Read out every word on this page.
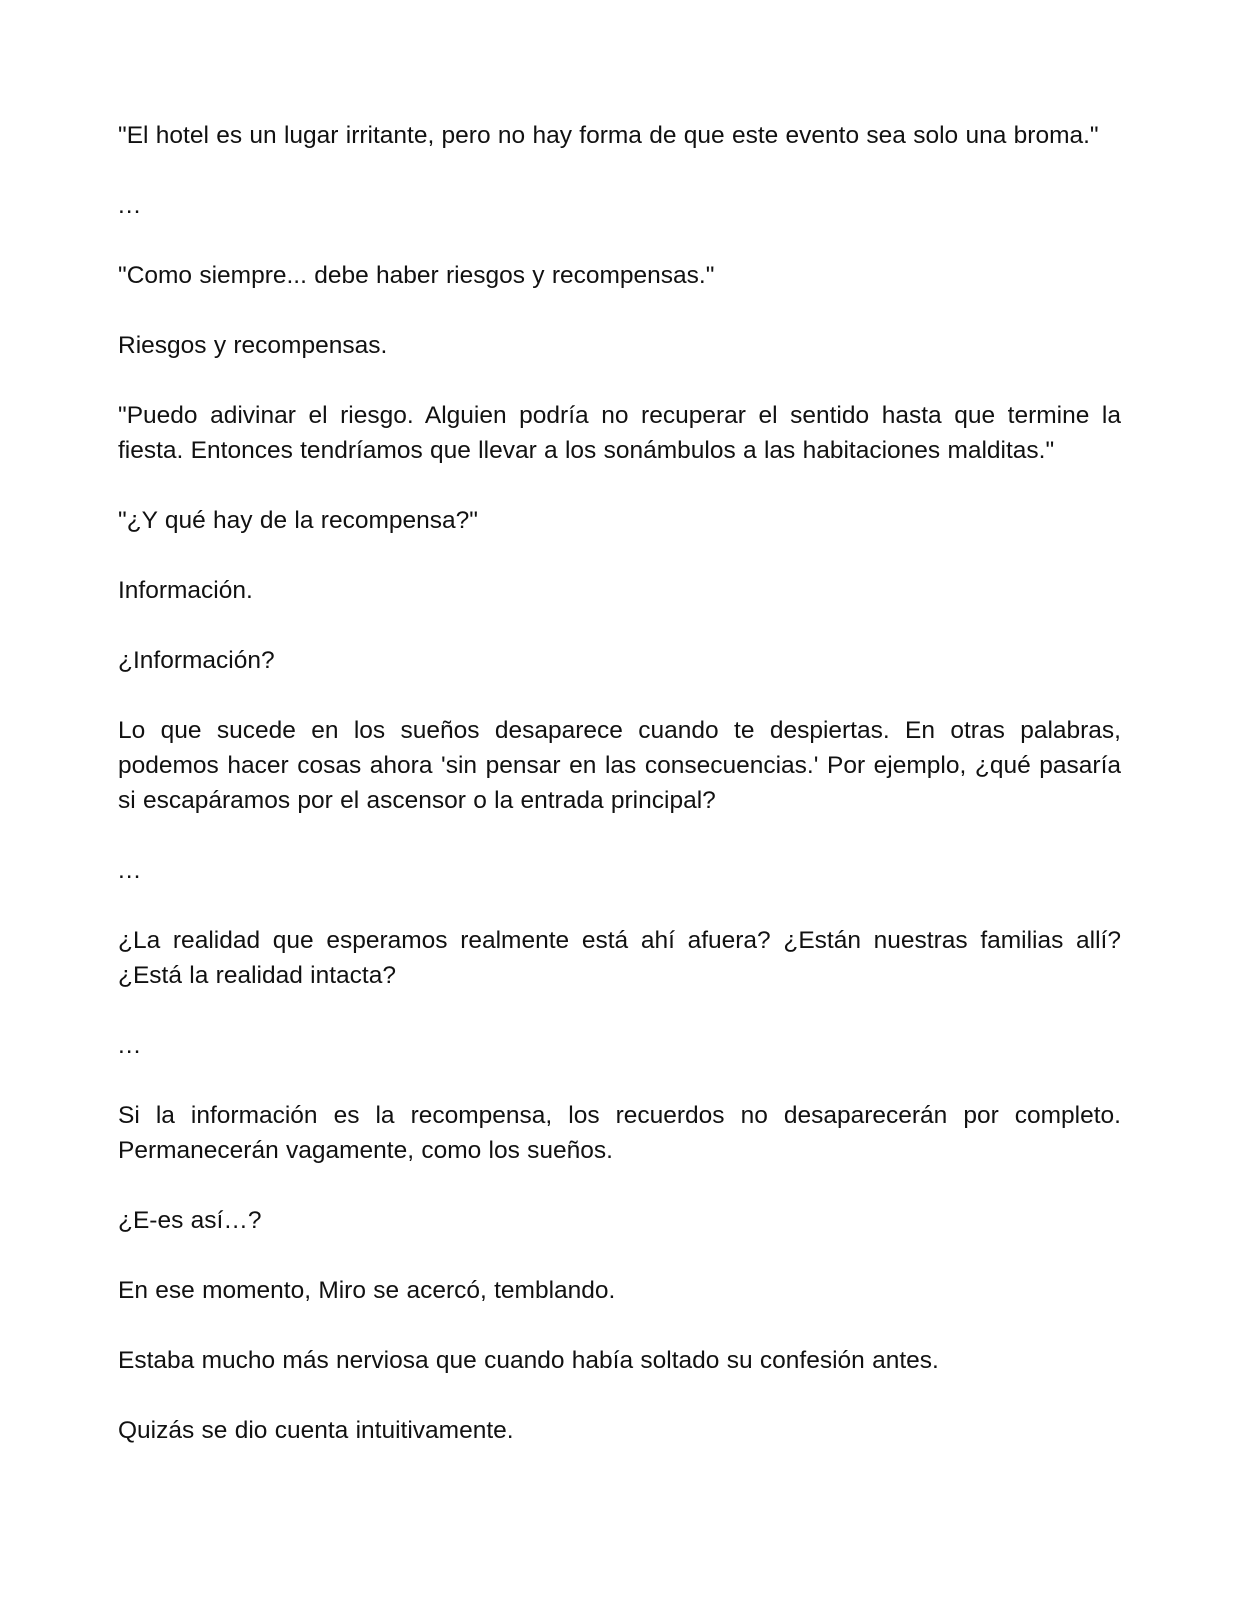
"El hotel es un lugar irritante, pero no hay forma de que este evento sea solo una broma."

...

"Como siempre... debe haber riesgos y recompensas."

Riesgos y recompensas.

"Puedo adivinar el riesgo. Alguien podría no recuperar el sentido hasta que termine la fiesta. Entonces tendríamos que llevar a los sonámbulos a las habitaciones malditas."

"¿Y qué hay de la recompensa?"

Información.

¿Información?

Lo que sucede en los sueños desaparece cuando te despiertas. En otras palabras, podemos hacer cosas ahora 'sin pensar en las consecuencias.' Por ejemplo, ¿qué pasaría si escapáramos por el ascensor o la entrada principal?

...

¿La realidad que esperamos realmente está ahí afuera? ¿Están nuestras familias allí? ¿Está la realidad intacta?

...

Si la información es la recompensa, los recuerdos no desaparecerán por completo. Permanecerán vagamente, como los sueños.

¿E-es así…?

En ese momento, Miro se acercó, temblando.

Estaba mucho más nerviosa que cuando había soltado su confesión antes.

Quizás se dio cuenta intuitivamente.
